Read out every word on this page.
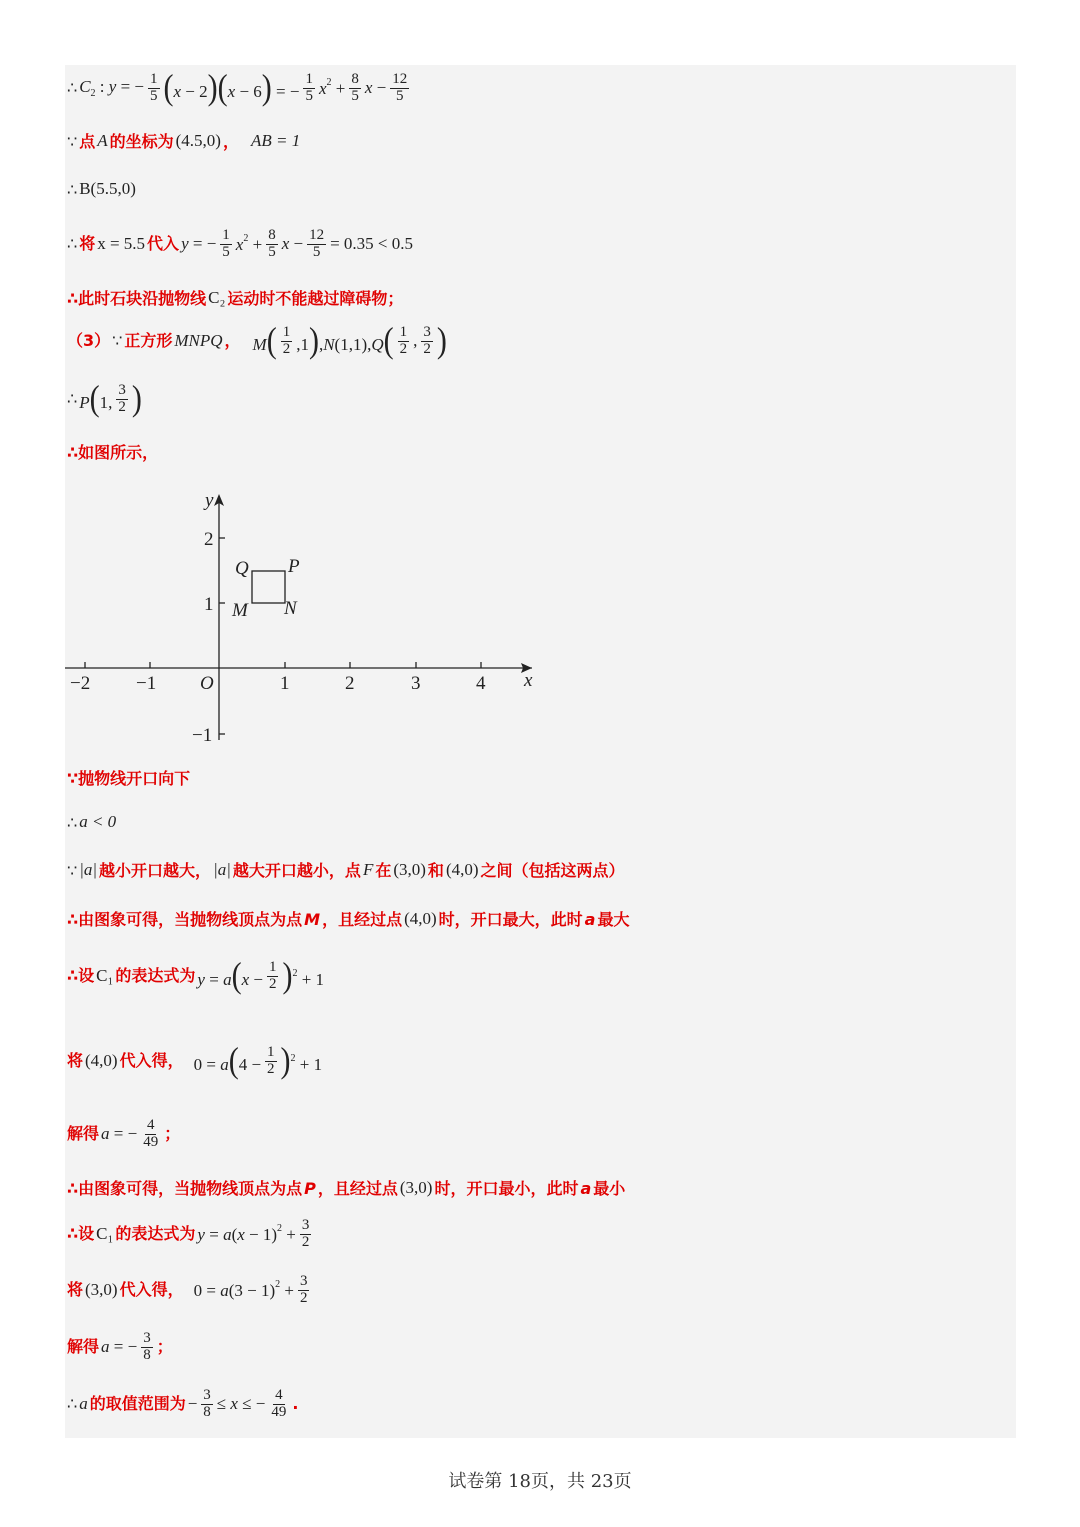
∴ $C_2$ : y = − $\frac{1}{5} (x - 2)(x - 6)$ = − $\frac{1}{5} x^2 + \frac{8}{5}$ $x - \frac{12}{5}$
∵ 点 A 的坐标为 (4.5,0) ， AB = 1
∴ B(5.5,0)
∴ 将 x = 5.5 代入 y = − $\frac{1}{5} x^2 + \frac{8}{5}$ $x - \frac{12}{5} = 0.35 < 0.5$
∴此时石块沿抛物线 C₂ 运动时不能越过障碍物；
（3） ∵ 正方形 MNPQ ， $M( \frac{1}{2} ,1),N(1,1),Q( \frac{1}{2}$ , $\frac{3}{2}$ )
∴ P(1, $\frac{3}{2}$ )
∴如图所示，
x
y
O
−2 −1	1	2	3	4
2
1
−1
Q P
M N
∵抛物线开口向下
∴ a < 0
∵ |a| 越小开口越大， |a| 越大开口越小，点 F 在 (3,0) 和 (4,0) 之间（包括这两点）
∴由图象可得，当抛物线顶点为点 M ，且经过点 (4,0) 时，开口最大，此时 a 最大
∴设 C₁ 的表达式为 $y = a(x - \frac{1}{2} )^2 + 1$
将 (4,0) 代入得， $0 = a(4 - \frac{1}{2} )^2 + 1$
解得 a = − $\frac{4}{49}$ ；
∴由图象可得，当抛物线顶点为点 P ，且经过点 (3,0) 时，开口最小，此时 a 最小
∴设 C₁ 的表达式为 $y = a(x - 1)^2 + \frac{3}{2}$
将 (3,0) 代入得， $0 = a(3 - 1)^2 + \frac{3}{2}$
解得 a = − $\frac{3}{8}$ ；
∴ a 的取值范围为 − $\frac{3}{8} \le x$ ≤ − $\frac{4}{49}$ .
试卷第 18页，共 23页
